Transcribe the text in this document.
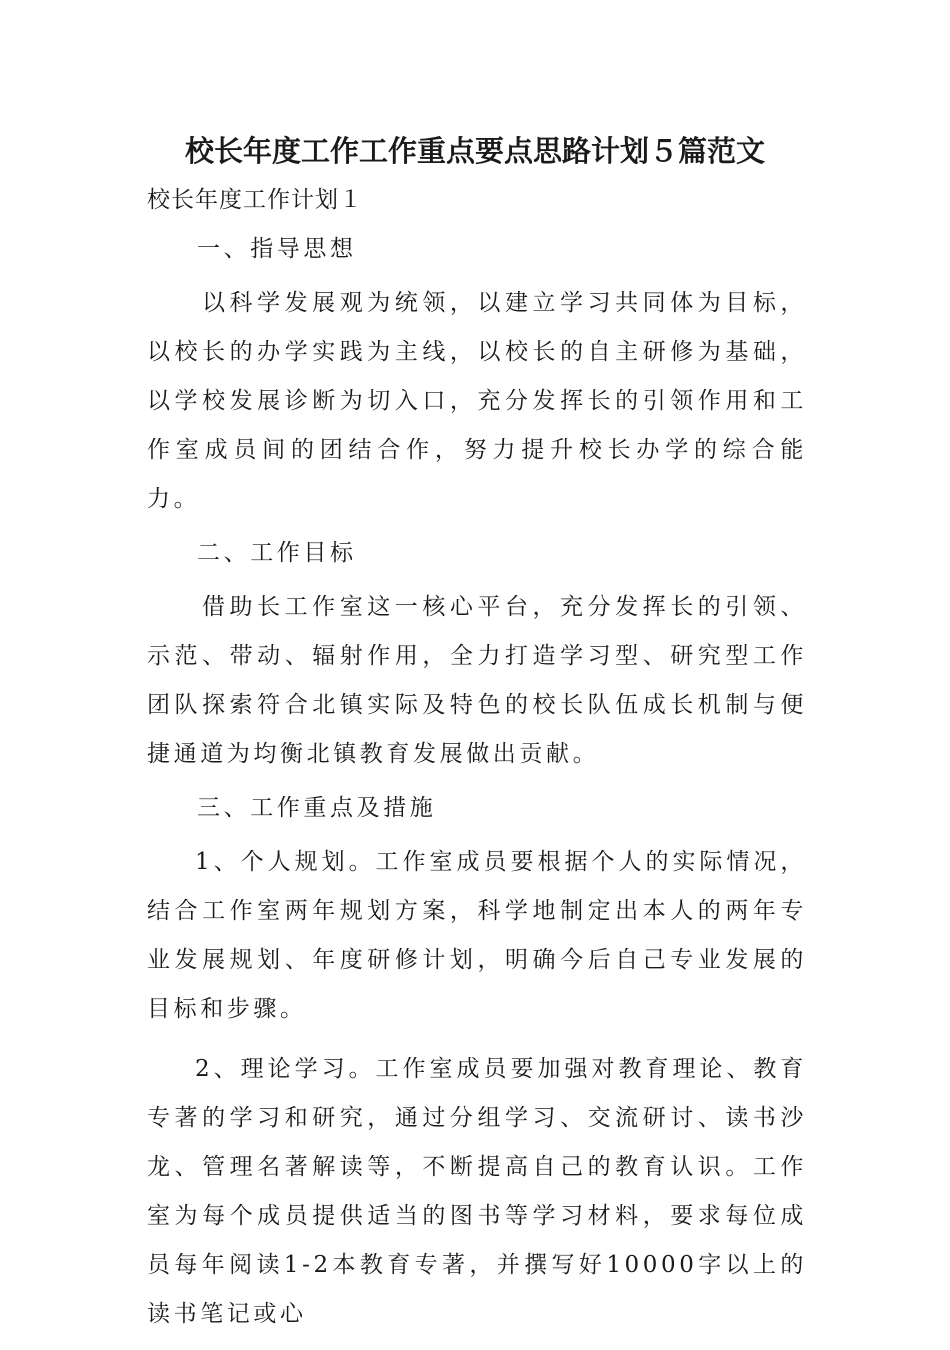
校长年度工作工作重点要点思路计划５篇范文

校长年度工作计划１

一、指导思想

以科学发展观为统领，以建立学习共同体为目标，以校长的办学实践为主线，以校长的自主研修为基础，以学校发展诊断为切入口，充分发挥长的引领作用和工作室成员间的团结合作，努力提升校长办学的综合能力。

二、工作目标

借助长工作室这一核心平台，充分发挥长的引领、示范、带动、辐射作用，全力打造学习型、研究型工作团队探索符合北镇实际及特色的校长队伍成长机制与便捷通道为均衡北镇教育发展做出贡献。

三、工作重点及措施

1、个人规划。工作室成员要根据个人的实际情况，结合工作室两年规划方案，科学地制定出本人的两年专业发展规划、年度研修计划，明确今后自己专业发展的目标和步骤。

2、理论学习。工作室成员要加强对教育理论、教育专著的学习和研究，通过分组学习、交流研讨、读书沙龙、管理名著解读等，不断提高自己的教育认识。工作室为每个成员提供适当的图书等学习材料，要求每位成员每年阅读1-2本教育专著，并撰写好10000字以上的读书笔记或心
